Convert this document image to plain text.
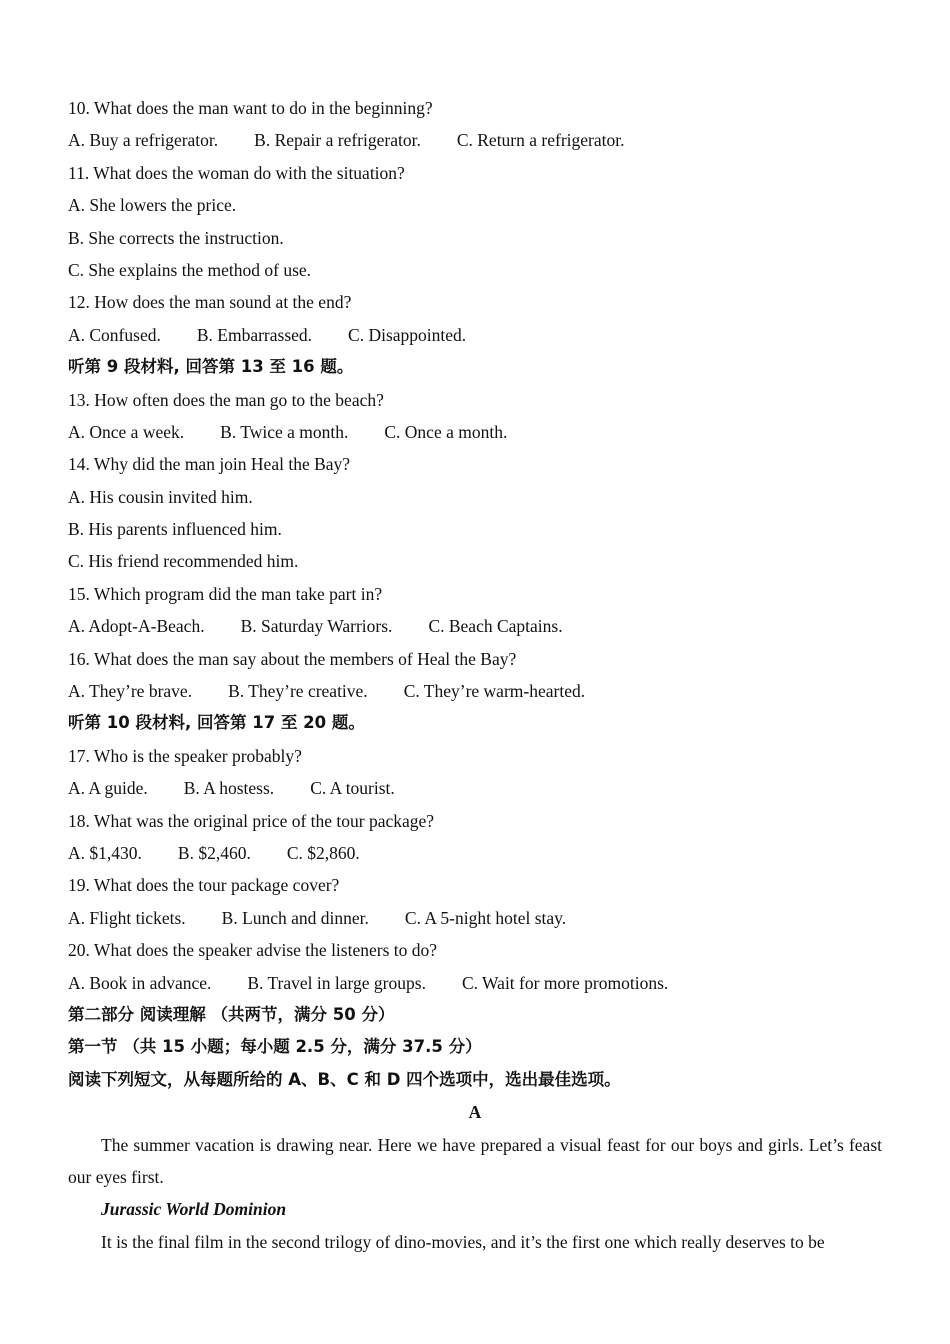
10. What does the man want to do in the beginning?
A. Buy a refrigerator. B. Repair a refrigerator. C. Return a refrigerator.
11. What does the woman do with the situation?
A. She lowers the price.
B. She corrects the instruction.
C. She explains the method of use.
12. How does the man sound at the end?
A. Confused. B. Embarrassed. C. Disappointed.
听第 9 段材料, 回答第 13 至 16 题。
13. How often does the man go to the beach?
A. Once a week. B. Twice a month. C. Once a month.
14. Why did the man join Heal the Bay?
A. His cousin invited him.
B. His parents influenced him.
C. His friend recommended him.
15. Which program did the man take part in?
A. Adopt-A-Beach. B. Saturday Warriors. C. Beach Captains.
16. What does the man say about the members of Heal the Bay?
A. They’re brave. B. They’re creative. C. They’re warm-hearted.
听第 10 段材料, 回答第 17 至 20 题。
17. Who is the speaker probably?
A. A guide. B. A hostess. C. A tourist.
18. What was the original price of the tour package?
A. $1,430. B. $2,460. C. $2,860.
19. What does the tour package cover?
A. Flight tickets. B. Lunch and dinner. C. A 5-night hotel stay.
20. What does the speaker advise the listeners to do?
A. Book in advance. B. Travel in large groups. C. Wait for more promotions.
第二部分 阅读理解 （共两节，满分 50 分）
第一节 （共 15 小题；每小题 2.5 分，满分 37.5 分）
阅读下列短文，从每题所给的 A、B、C 和 D 四个选项中，选出最佳选项。
A
The summer vacation is drawing near. Here we have prepared a visual feast for our boys and girls. Let’s feast our eyes first.
Jurassic World Dominion
It is the final film in the second trilogy of dino-movies, and it’s the first one which really deserves to be
